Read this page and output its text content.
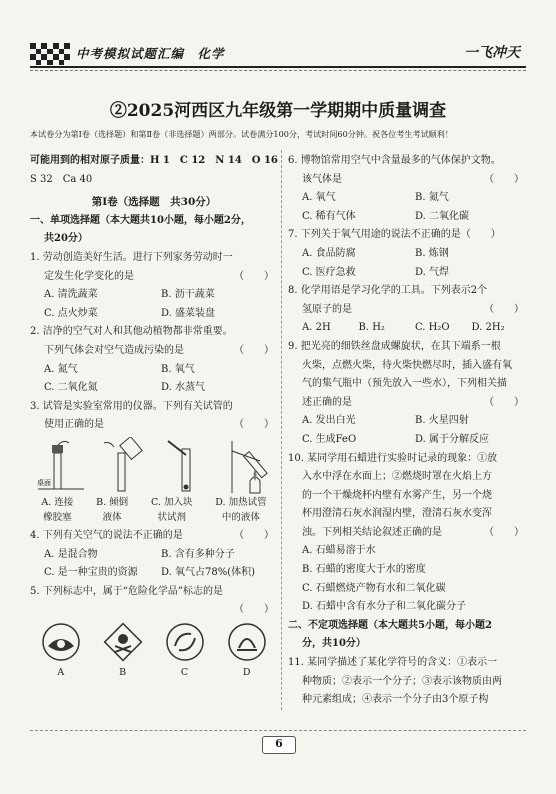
中考模拟试题汇编　 化学	一飞冲天
②2025河西区九年级第一学期期中质量调查
本试卷分为第Ⅰ卷（选择题）和第Ⅱ卷（非选择题）两部分。试卷满分100分，考试时间60分钟。祝各位考生考试顺利！
可能用到的相对原子质量：H 1　C 12　N 14　O 16
S 32　Ca 40
第Ⅰ卷（选择题　共30分）
一、单项选择题（本大题共10小题，每小题2分，
共20分）
1. 劳动创造美好生活。进行下列家务劳动时一
定发生化学变化的是	（　　）
A. 清洗蔬菜	B. 沥干蔬菜
C. 点火炒菜	D. 盛菜装盘
2. 洁净的空气对人和其他动植物都非常重要。
下列气体会对空气造成污染的是	（　　）
A. 氮气	B. 氧气
C. 二氧化氮	D. 水蒸气
3. 试管是实验室常用的仪器。下列有关试管的
使用正确的是	（　　）
桌面
A. 连接
橡胶塞
B. 倾倒
液体
C. 加入块
状试剂
D. 加热试管
中的液体
4. 下列有关空气的说法不正确的是	（　　）
A. 是混合物	B. 含有多种分子
C. 是一种宝贵的资源	D. 氧气占78%(体积)
5. 下列标志中，属于“危险化学品”标志的是
（　　）
A	B	C	D
6. 博物馆常用空气中含量最多的气体保护文物。
该气体是	（　　）
A. 氧气	B. 氮气
C. 稀有气体	D. 二氧化碳
7. 下列关于氧气用途的说法不正确的是（　　）
A. 食品防腐	B. 炼钢
C. 医疗急救	D. 气焊
8. 化学用语是学习化学的工具。下列表示2个
氢原子的是	（　　）
A. 2H	B. H₂	C. H₂O	D. 2H₂
9. 把光亮的细铁丝盘成螺旋状，在其下端系一根
火柴，点燃火柴，待火柴快燃尽时，插入盛有氧
气的集气瓶中（预先放入一些水），下列相关描
述正确的是	（　　）
A. 发出白光	B. 火星四射
C. 生成FeO	D. 属于分解反应
10. 某同学用石蜡进行实验时记录的现象：①放
入水中浮在水面上；②燃烧时罩在火焰上方
的一个干燥烧杯内壁有水雾产生，另一个烧
杯用澄清石灰水润湿内壁，澄清石灰水变浑
浊。下列相关结论叙述正确的是	（　　）
A. 石蜡易溶于水
B. 石蜡的密度大于水的密度
C. 石蜡燃烧产物有水和二氧化碳
D. 石蜡中含有水分子和二氧化碳分子
二、不定项选择题（本大题共5小题，每小题2
分，共10分）
11. 某同学描述了某化学符号的含义：①表示一
种物质；②表示一个分子；③表示该物质由两
种元素组成；④表示一个分子由3个原子构
6
